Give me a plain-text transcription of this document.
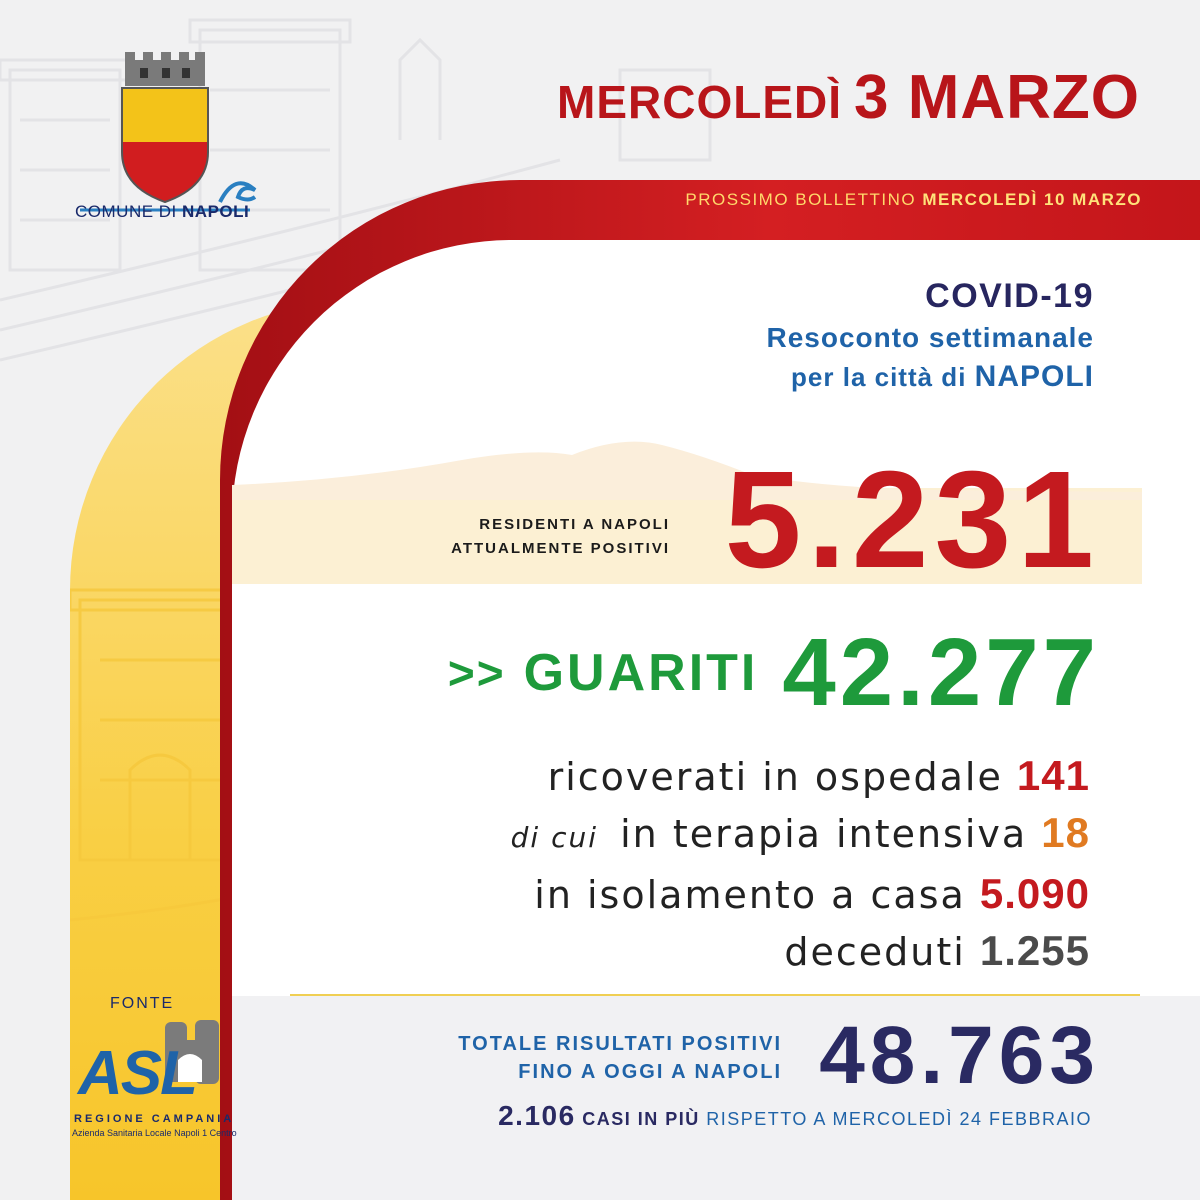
COMUNE DI NAPOLI
MERCOLEDÌ 3 MARZO
PROSSIMO BOLLETTINO MERCOLEDÌ 10 MARZO
COVID-19
Resoconto settimanale
per la città di NAPOLI
RESIDENTI A NAPOLI
ATTUALMENTE POSITIVI 5.231
>> GUARITI 42.277
ricoverati in ospedale 141
di cui in terapia intensiva 18
in isolamento a casa 5.090
deceduti 1.255
TOTALE RISULTATI POSITIVI
FINO A OGGI A NAPOLI 48.763
2.106 CASI IN PIÙ RISPETTO A MERCOLEDÌ 24 FEBBRAIO
FONTE
ASL
REGIONE CAMPANIA
Azienda Sanitaria Locale Napoli 1 Centro
